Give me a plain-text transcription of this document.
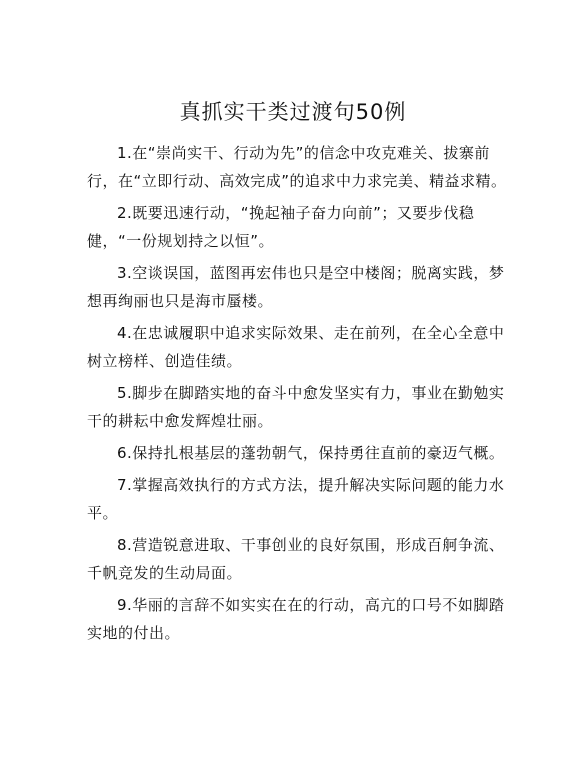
真抓实干类过渡句50例

1.在“崇尚实干、行动为先”的信念中攻克难关、拔寨前行，在“立即行动、高效完成”的追求中力求完美、精益求精。

2.既要迅速行动，“挽起袖子奋力向前”；又要步伐稳健，“一份规划持之以恒”。

3.空谈误国，蓝图再宏伟也只是空中楼阁；脱离实践，梦想再绚丽也只是海市蜃楼。

4.在忠诚履职中追求实际效果、走在前列，在全心全意中树立榜样、创造佳绩。

5.脚步在脚踏实地的奋斗中愈发坚实有力，事业在勤勉实干的耕耘中愈发辉煌壮丽。

6.保持扎根基层的蓬勃朝气，保持勇往直前的豪迈气概。

7.掌握高效执行的方式方法，提升解决实际问题的能力水平。

8.营造锐意进取、干事创业的良好氛围，形成百舸争流、千帆竞发的生动局面。

9.华丽的言辞不如实实在在的行动，高亢的口号不如脚踏实地的付出。
